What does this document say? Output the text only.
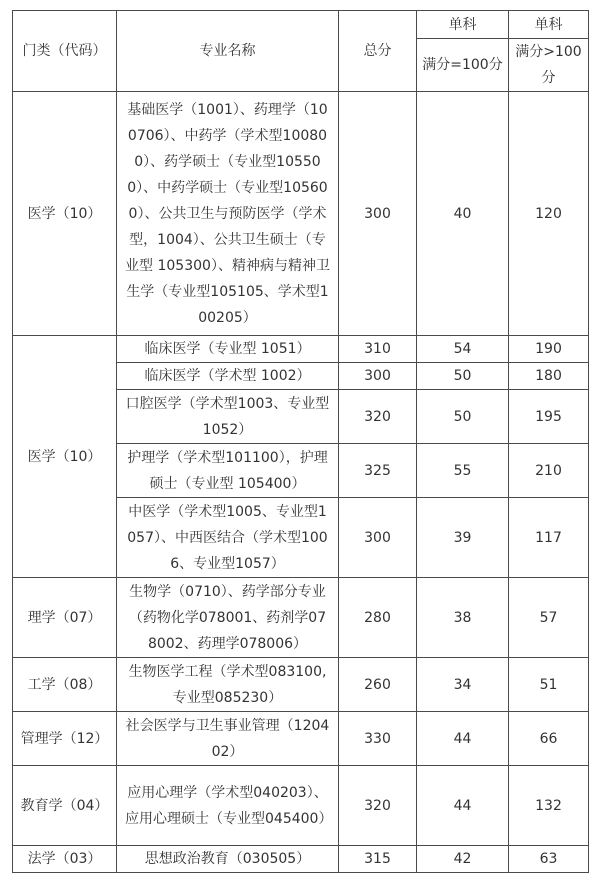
门类（代码）	专业名称	总分	单科	单科
			满分=100分	满分>100分
医学（10）	基础医学（1001）、药理学（100706）、中药学（学术型100800）、药学硕士（专业型105500）、中药学硕士（专业型105600）、公共卫生与预防医学（学术型，1004）、公共卫生硕士（专业型 105300）、精神病与精神卫生学（专业型105105、学术型100205）	300	40	120
医学（10）	临床医学（专业型 1051）	310	54	190
	临床医学（学术型 1002）	300	50	180
	口腔医学（学术型1003、专业型1052）	320	50	195
	护理学（学术型101100），护理硕士（专业型 105400）	325	55	210
	中医学（学术型1005、专业型1057）、中西医结合（学术型1006、专业型1057）	300	39	117
理学（07）	生物学（0710）、药学部分专业（药物化学078001、药剂学078002、药理学078006）	280	38	57
工学（08）	生物医学工程（学术型083100,专业型085230）	260	34	51
管理学（12）	社会医学与卫生事业管理（120402）	330	44	66
教育学（04）	应用心理学（学术型040203）、应用心理硕士（专业型045400）	320	44	132
法学（03）	思想政治教育（030505）	315	42	63
